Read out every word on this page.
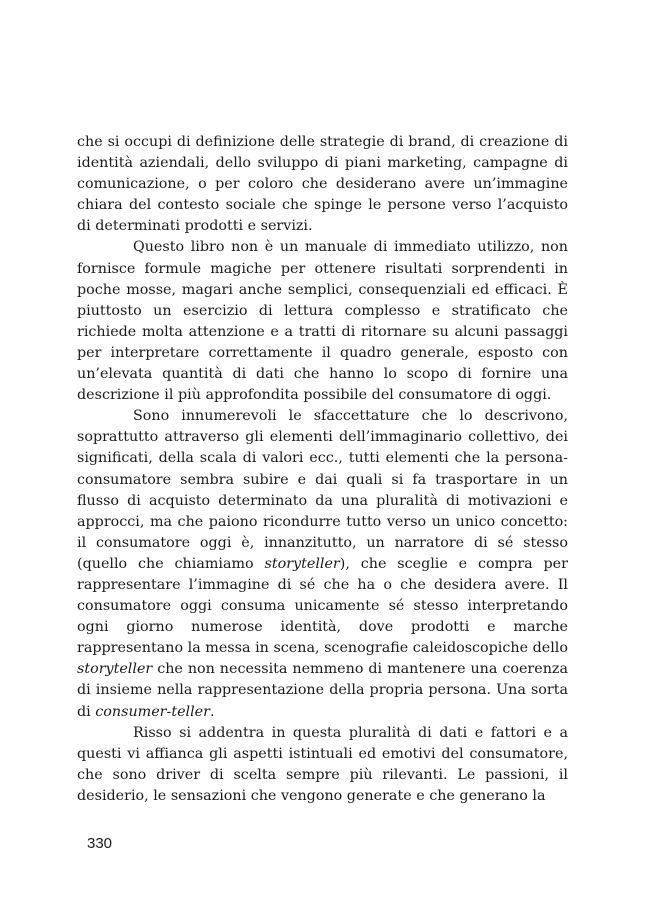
che si occupi di definizione delle strategie di brand, di creazione di identità aziendali, dello sviluppo di piani marketing, campagne di comunicazione, o per coloro che desiderano avere un’immagine chiara del contesto sociale che spinge le persone verso l’acquisto di determinati prodotti e servizi.

Questo libro non è un manuale di immediato utilizzo, non fornisce formule magiche per ottenere risultati sorprendenti in poche mosse, magari anche semplici, consequenziali ed efficaci. È piuttosto un esercizio di lettura complesso e stratificato che richiede molta attenzione e a tratti di ritornare su alcuni passaggi per interpretare correttamente il quadro generale, esposto con un’elevata quantità di dati che hanno lo scopo di fornire una descrizione il più approfondita possibile del consumatore di oggi.

Sono innumerevoli le sfaccettature che lo descrivono, soprattutto attraverso gli elementi dell’immaginario collettivo, dei significati, della scala di valori ecc., tutti elementi che la persona-consumatore sembra subire e dai quali si fa trasportare in un flusso di acquisto determinato da una pluralità di motivazioni e approcci, ma che paiono ricondurre tutto verso un unico concetto: il consumatore oggi è, innanzitutto, un narratore di sé stesso (quello che chiamiamo storyteller), che sceglie e compra per rappresentare l’immagine di sé che ha o che desidera avere. Il consumatore oggi consuma unicamente sé stesso interpretando ogni giorno numerose identità, dove prodotti e marche rappresentano la messa in scena, scenografie caleidoscopiche dello storyteller che non necessita nemmeno di mantenere una coerenza di insieme nella rappresentazione della propria persona. Una sorta di consumer-teller.

Risso si addentra in questa pluralità di dati e fattori e a questi vi affianca gli aspetti istintuali ed emotivi del consumatore, che sono driver di scelta sempre più rilevanti. Le passioni, il desiderio, le sensazioni che vengono generate e che generano la

330
